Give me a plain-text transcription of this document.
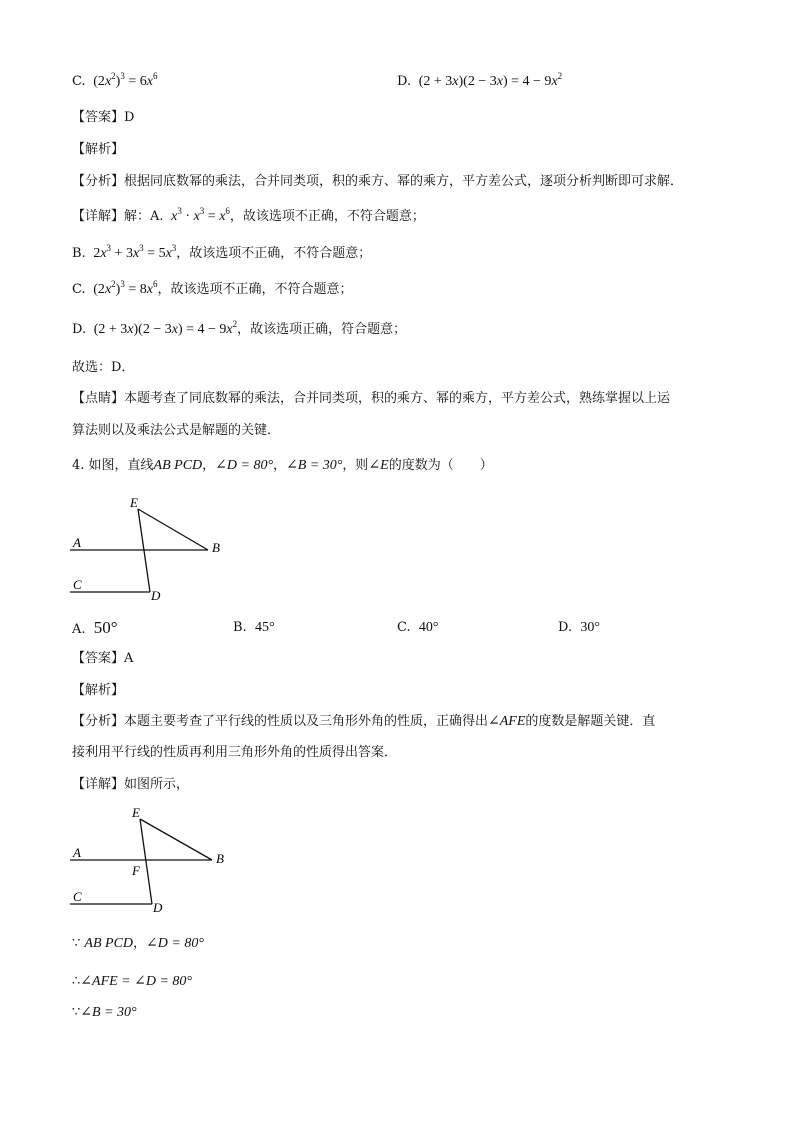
C.  $(2x^2)^3 = 6x^6$	D.  $(2 + 3x)(2 - 3x) = 4 - 9x^2$
【答案】D
【解析】
【分析】根据同底数幂的乘法，合并同类项，积的乘方、幂的乘方，平方差公式，逐项分析判断即可求解．
【详解】解：A. $x^3 \cdot x^3 = x^6$，故该选项不正确，不符合题意；
B.  $2x^3 + 3x^3 = 5x^3$，故该选项不正确，不符合题意；
C.  $(2x^2)^3 = 8x^6$，故该选项不正确，不符合题意；
D.  $(2 + 3x)(2 - 3x) = 4 - 9x^2$，故该选项正确，符合题意；
故选：D．
【点睛】本题考查了同底数幂的乘法，合并同类项，积的乘方、幂的乘方，平方差公式，熟练掌握以上运
算法则以及乘法公式是解题的关键．
4. 如图，直线AB PCD，∠D = 80°，∠B = 30°，则∠E的度数为（　　）
E
A	B
C
D
A. 50°	B. 45°	C. 40°	D. 30°
【答案】A
【解析】
【分析】本题主要考查了平行线的性质以及三角形外角的性质，正确得出∠AFE的度数是解题关键．直
接利用平行线的性质再利用三角形外角的性质得出答案．
【详解】如图所示，
E
A	B
F
C
D
∵ AB PCD，∠D = 80°
∴∠AFE = ∠D = 80°
∵∠B = 30°
